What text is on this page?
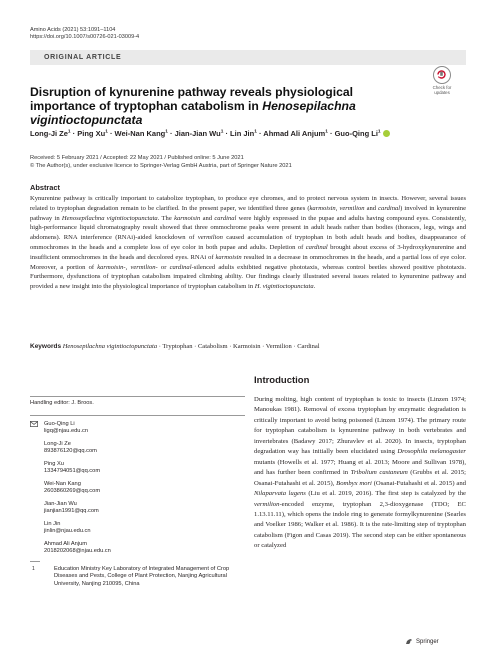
Amino Acids (2021) 53:1091–1104
https://doi.org/10.1007/s00726-021-03009-4
ORIGINAL ARTICLE
Check for
updates
Disruption of kynurenine pathway reveals physiological importance of tryptophan catabolism in Henosepilachna vigintioctopunctata
Long-Ji $Ze^1$ · Ping $Xu^1 \cdot Wei-Nan$ Kang$^1$ · Jian-Jian $Wu^1$ · Lin Jin$^1$ · Ahmad Ali Anjum$^1$ · Guo-Qing Li$^1$
Received: 5 February 2021 / Accepted: 22 May 2021 / Published online: 5 June 2021
© The Author(s), under exclusive licence to Springer-Verlag GmbH Austria, part of Springer Nature 2021
Abstract

Kynurenine pathway is critically important to catabolize tryptophan, to produce eye chromes, and to protect nervous system in insects. However, several issues related to tryptophan degradation remain to be clarified. In the present paper, we identified three genes (karmoisin, vermilion and cardinal) involved in kynurenine pathway in Henosepilachna vigintioctopunctata. The karmoisin and cardinal were highly expressed in the pupae and adults having compound eyes. Consistently, high-performance liquid chromatography result showed that three ommochrome peaks were present in adult heads rather than bodies (thoraces, legs, wings and abdomens). RNA interference (RNAi)-aided knockdown of vermilion caused accumulation of tryptophan in both adult heads and bodies, disappearance of ommochromes in the heads and a complete loss of eye color in both pupae and adults. Depletion of cardinal brought about excess of 3-hydroxykynurenine and insufficient ommochromes in the heads and decolored eyes. RNAi of karmoisin resulted in a decrease in ommochromes in the heads, and a partial loss of eye color. Moreover, a portion of karmoisin-, vermilion- or cardinal-silenced adults exhibited negative phototaxis, whereas control beetles showed positive phototaxis. Furthermore, dysfunctions of tryptophan catabolism impaired climbing ability. Our findings clearly illustrated several issues related to kynurenine pathway and provided a new insight into the physiological importance of tryptophan catabolism in H. vigintioctopunctata.

Keywords Henosepilachna vigintioctopunctata · Tryptophan · Catabolism · Karmoisin · Vermilion · Cardinal
Handling editor: J. Broos.
Guo-Qing Li
ligq@njau.edu.cn
Long-Ji Ze
893876120@qq.com
Ping Xu
1334794051@qq.com
Wei-Nan Kang
2603860269@qq.com
Jian-Jian Wu
jianjian1991@qq.com
Lin Jin
jinlin@njau.edu.cn
Ahmad Ali Anjum
2018202068@njau.edu.cn
1	Education Ministry Key Laboratory of Integrated Management of Crop Diseases and Pests, College of Plant Protection, Nanjing Agricultural University, Nanjing 210095, China
Introduction

During molting, high content of tryptophan is toxic to insects (Linzen 1974; Manoukas 1981). Removal of excess tryptophan by enzymatic degradation is critically important to avoid being poisoned (Linzen 1974). The primary route for tryptophan catabolism is kynurenine pathway in both vertebrates and invertebrates (Badawy 2017; Zhuravlev et al. 2020). In insects, tryptophan degradation way has initially been elucidated using Drosophila melanogaster mutants (Howells et al. 1977; Huang et al. 2013; Moore and Sullivan 1978), and has further been confirmed in Tribolium castaneum (Grubbs et al. 2015; Osanai-Futahashi et al. 2015), Bombyx mori (Osanai-Futahashi et al. 2015) and Nilaparvata lugens (Liu et al. 2019, 2016). The first step is catalyzed by the vermilion-encoded enzyme, tryptophan 2,3-dioxygenase (TDO; EC 1.13.11.11), which opens the indole ring to generate formylkynurenine (Searles and Voelker 1986; Walker et al. 1986). It is the rate-limiting step of tryptophan catabolism (Figon and Casas 2019). The second step can be either spontaneous or catalyzed

Springer
